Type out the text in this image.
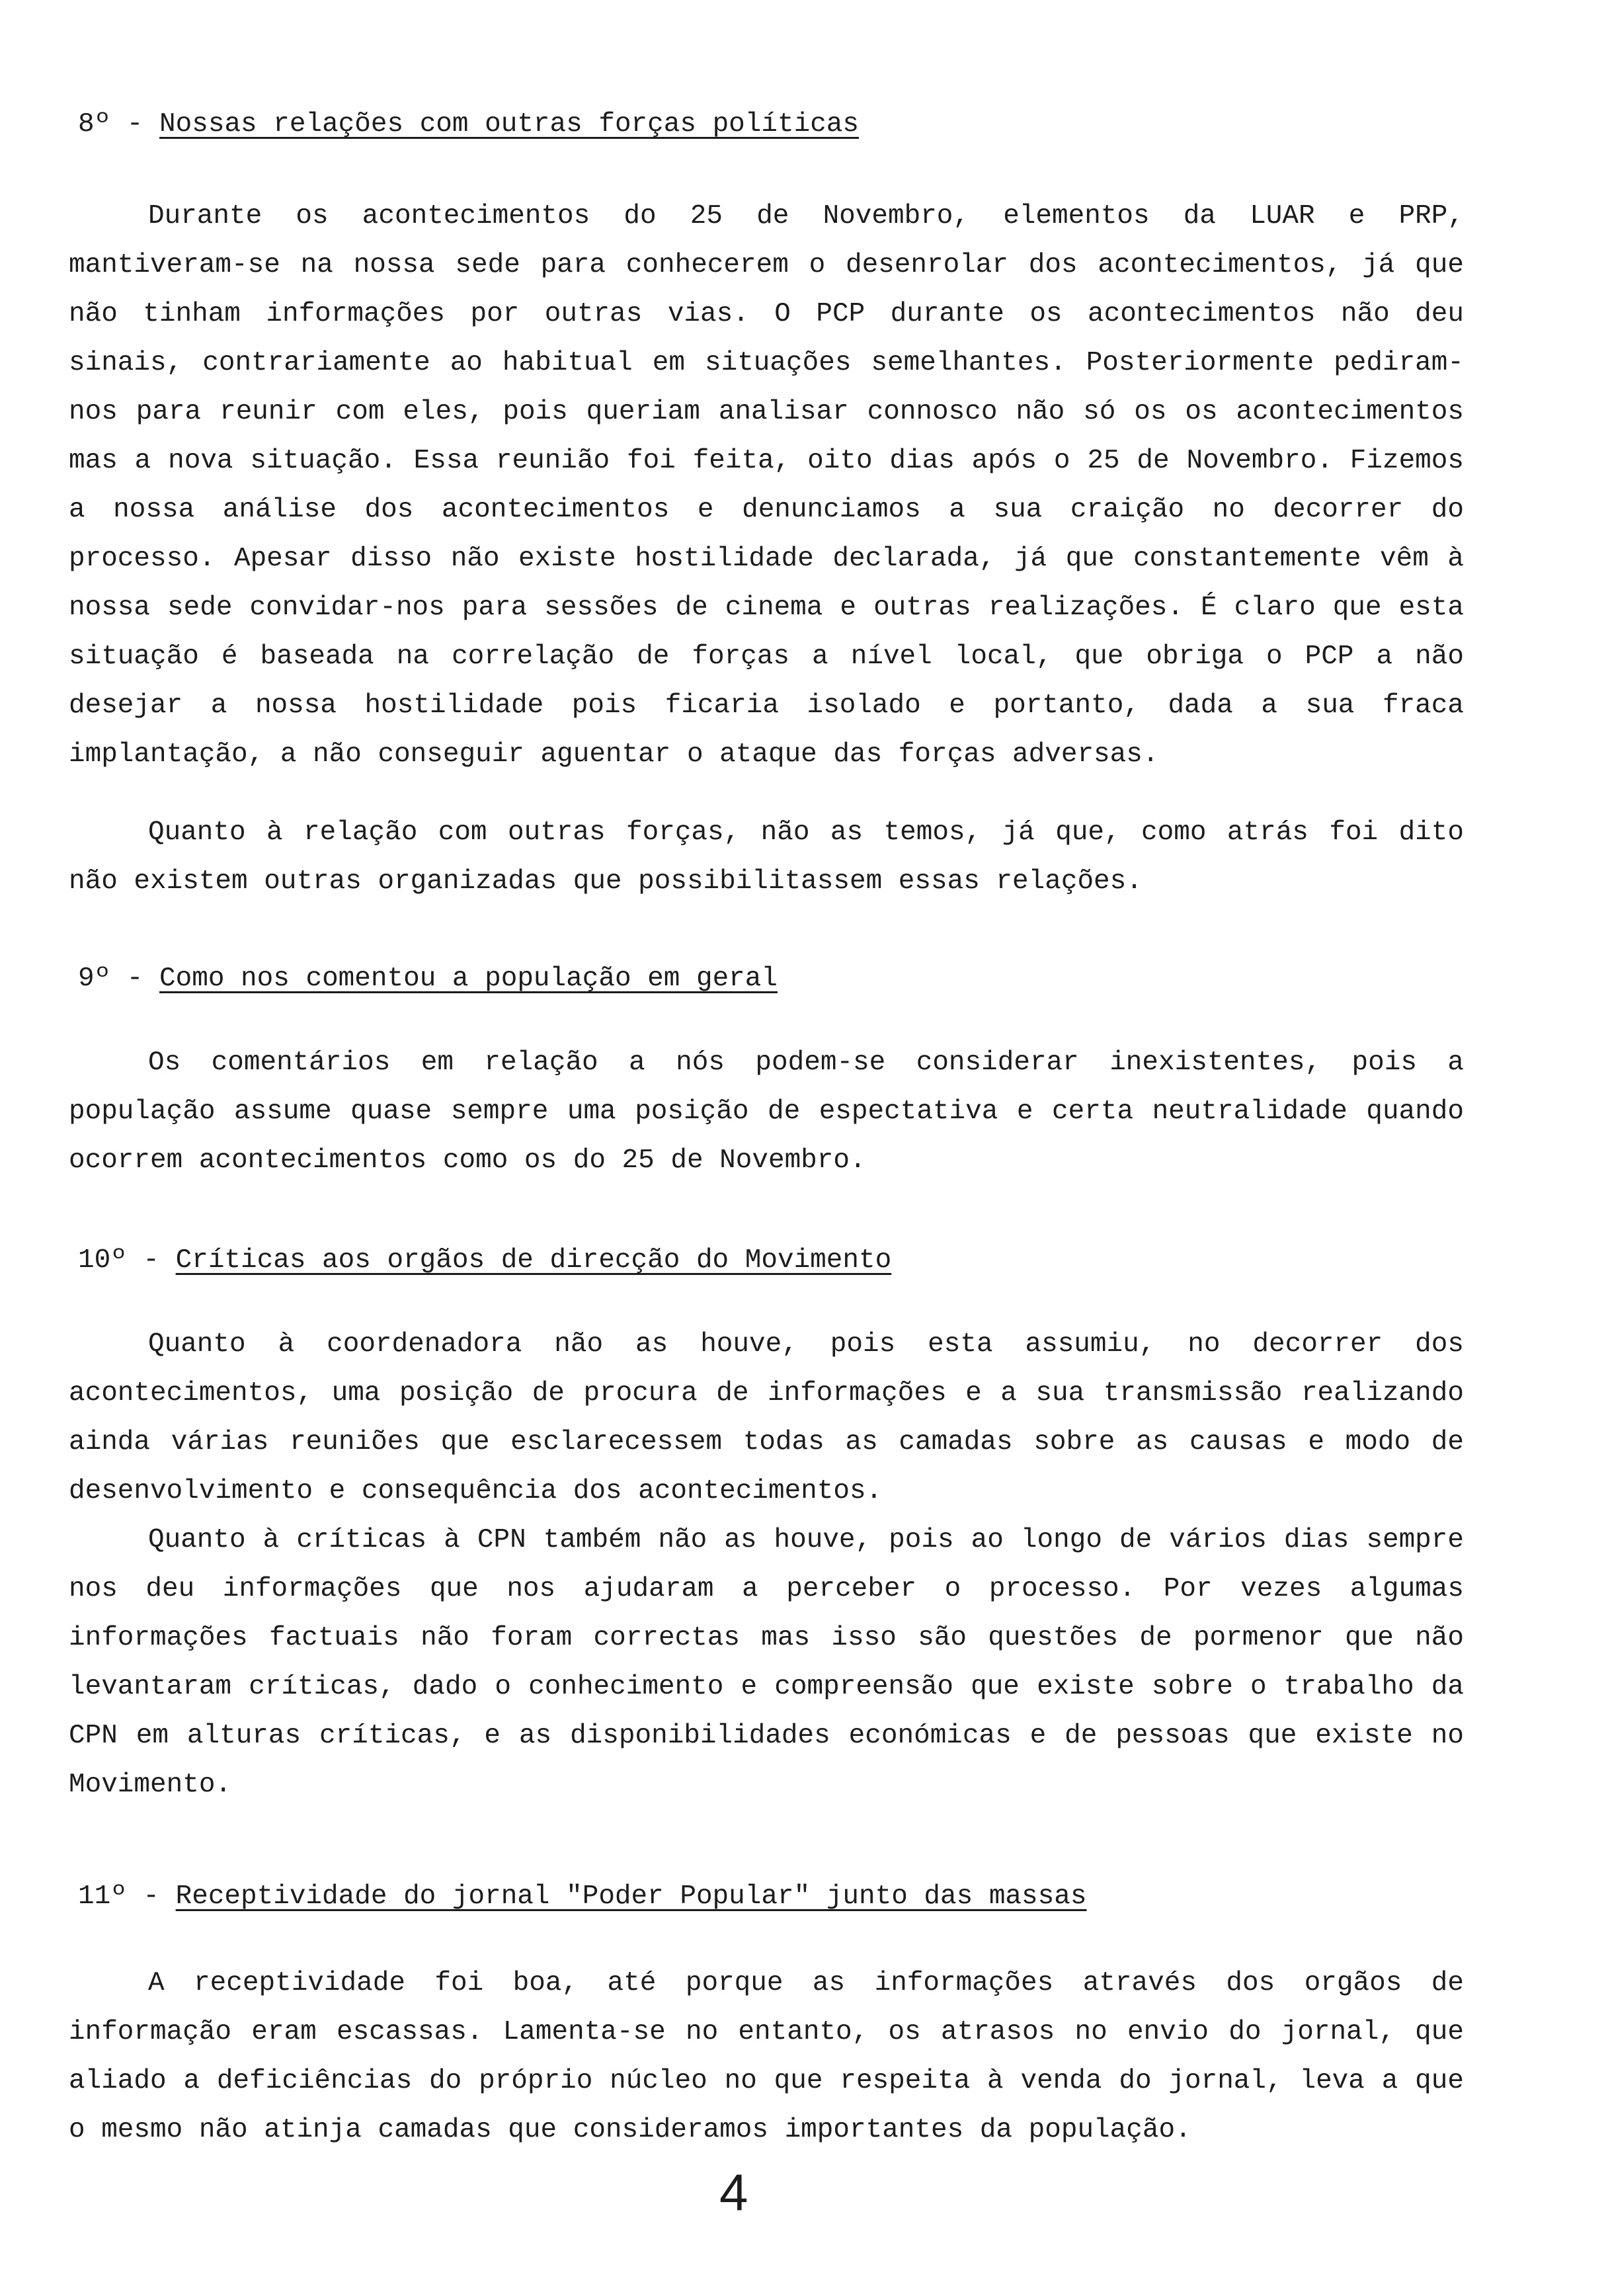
8º - Nossas relações com outras forças políticas

Durante os acontecimentos do 25 de Novembro, elementos da LUAR e PRP, mantiveram-se na nossa sede para conhecerem o desenrolar dos acontecimentos, já que não tinham informações por outras vias. O PCP durante os acontecimentos não deu sinais, contrariamente ao habitual em situações semelhantes. Posteriormente pediram-nos para reunir com eles, pois queriam analisar connosco não só os os acontecimentos mas a nova situação. Essa reunião foi feita, oito dias após o 25 de Novembro. Fizemos a nossa análise dos acontecimentos e denunciamos a sua craição no decorrer do processo. Apesar disso não existe hostilidade declarada, já que constantemente vêm à nossa sede convidar-nos para sessões de cinema e outras realizações. É claro que esta situação é baseada na correlação de forças a nível local, que obriga o PCP a não desejar a nossa hostilidade pois ficaria isolado e portanto, dada a sua fraca implantação, a não conseguir aguentar o ataque das forças adversas.

Quanto à relação com outras forças, não as temos, já que, como atrás foi dito não existem outras organizadas que possibilitassem essas relações.

9º - Como nos comentou a população em geral

Os comentários em relação a nós podem-se considerar inexistentes, pois a população assume quase sempre uma posição de espectativa e certa neutralidade quando ocorrem acontecimentos como os do 25 de Novembro.

10º - Críticas aos orgãos de direcção do Movimento

Quanto à coordenadora não as houve, pois esta assumiu, no decorrer dos acontecimentos, uma posição de procura de informações e a sua transmissão realizando ainda várias reuniões que esclarecessem todas as camadas sobre as causas e modo de desenvolvimento e consequência dos acontecimentos.

Quanto à críticas à CPN também não as houve, pois ao longo de vários dias sempre nos deu informações que nos ajudaram a perceber o processo. Por vezes algumas informações factuais não foram correctas mas isso são questões de pormenor que não levantaram críticas, dado o conhecimento e compreensão que existe sobre o trabalho da CPN em alturas críticas, e as disponibilidades económicas e de pessoas que existe no Movimento.

11º - Receptividade do jornal "Poder Popular" junto das massas

A receptividade foi boa, até porque as informações através dos orgãos de informação eram escassas. Lamenta-se no entanto, os atrasos no envio do jornal, que aliado a deficiências do próprio núcleo no que respeita à venda do jornal, leva a que o mesmo não atinja camadas que consideramos importantes da população.

4
